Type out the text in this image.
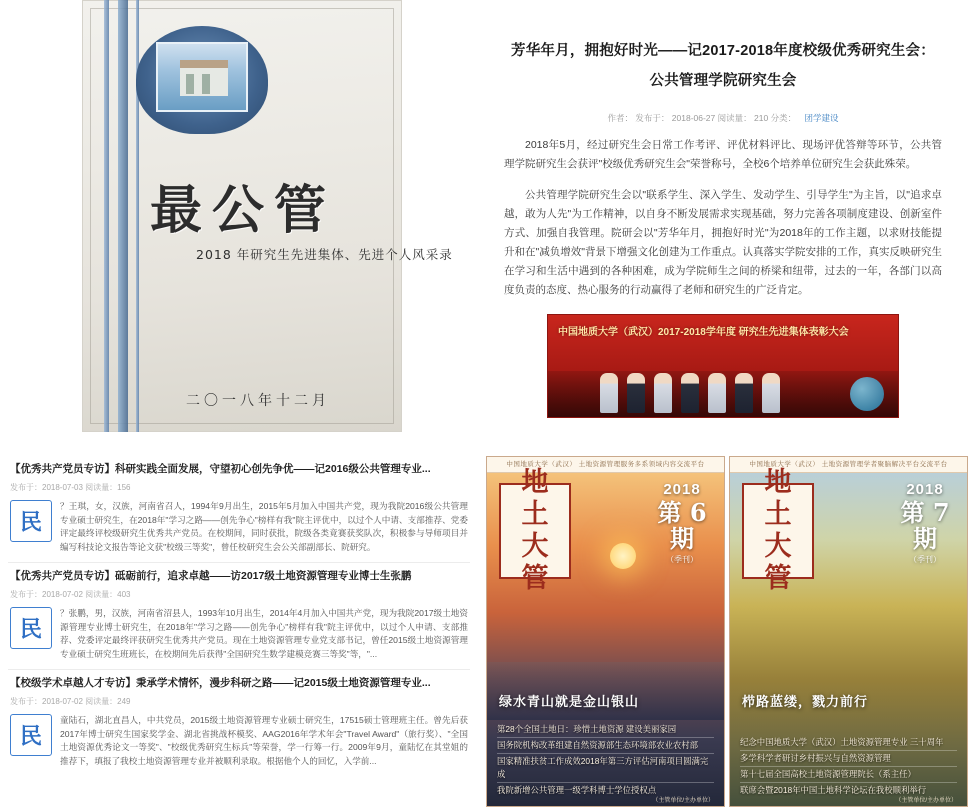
最公管
2018 年研究生先进集体、先进个人风采录
二〇一八年十二月
芳华年月，拥抱好时光——记2017-2018年度校级优秀研究生会：公共管理学院研究生会
作者： 发布于： 2018-06-27 阅读量： 210 分类： 团学建设

2018年5月，经过研究生会日常工作考评、评优材料评比、现场评优答辩等环节，公共管理学院研究生会获评"校级优秀研究生会"荣誉称号，全校6个培养单位研究生会获此殊荣。

公共管理学院研究生会以"联系学生、深入学生、发动学生、引导学生"为主旨，以"追求卓越，敢为人先"为工作精神，以自身不断发展需求实现基础，努力完善各项制度建设、创新室件方式、加强自我管理。院研会以"芳华年月，拥抱好时光"为2018年的工作主题，以求财技能提升和在"减负增效"背景下增强文化创建为工作重点。认真落实学院安排的工作，真实反映研究生在学习和生活中遇到的各种困难，成为学院师生之间的桥梁和纽带，过去的一年，各部门以高度负责的态度、热心服务的行动赢得了老师和研究生的广泛肯定。

中国地质大学（武汉）2017-2018学年度 研究生先进集体表彰大会
【优秀共产党员专访】科研实践全面发展，守望初心创先争优——记2016级公共管理专业...
发布于：2018-07-03 阅读量：156
民
？王琪，女，汉族，河南省召人，1994年9月出生，2015年5月加入中国共产党，现为我院2016级公共管理专业硕士研究生，在2018年"学习之路——创先争心"榜样有我"院主评优中，以过个人中请、支部推荐、党委评定最终评校级研究生优秀共产党员。在校期间，同时获批，院级各类竟赛获奖队次，积极参与导师项目并编写科技论文报告等论文获"校级三等奖"，曾任校研究生会公关部副部长、院研究。
【优秀共产党员专访】砥砺前行，追求卓越——访2017级土地资源管理专业博士生张鹏
发布于：2018-07-02 阅读量：403
民
？张鹏，男，汉族，河南省沼县人，1993年10月出生，2014年4月加入中国共产党，现为我院2017级土地资源管理专业博士研究生，在2018年"学习之路——创先争心"榜样有我"院主评优中，以过个人申请、支部推荐、党委评定最终评获研究生优秀共产党员。现在土地资源管理专业党支部书记，曾任2015级土地资源管理专业硕士研究生班班长，在校期间先后获得"全国研究生数学建模竞赛三等奖"等，"...
【校级学术卓越人才专访】秉承学术情怀，漫步科研之路——记2015级土地资源管理专业...
发布于：2018-07-02 阅读量：249
民
童陆石，湖北直昌人，中共党员，2015级土地资源管理专业硕士研究生，17515硕士管理班主任。曾先后获2017年博士研究生国家奖学金、湖北省挑战杯模奖、AAG2016年学术年会"Travel Award"（旅行奖）、"全国土地资源优秀论文一等奖"、"校级优秀研究生标兵"等荣誉，学一行筹一行。2009年9月，童陆忆在其堂姐的推荐下，填报了我校土地资源管理专业并被顺利录取。根据他个人的回忆，入学前...
中国地质大学（武汉） 土地资源管理服务多系领域内容交流平台
地
土
大
管
2018
第 6 期
（季刊）
绿水青山就是金山银山
第28个全国土地日：珍惜土地资源 建设美丽家园
国务院机构改革组建自然资源部生态环境部农业农村部
国家精准扶贫工作成效2018年第三方评估河南项目圆满完成
我院新增公共管理一级学科博士学位授权点
（主管单位/主办单位）
中国地质大学（武汉） 土地资源管理学者聚脑解决平台交流平台
地
土
大
管
2018
第 7 期
（季刊）
栉路蓝缕，戮力前行
纪念中国地质大学（武汉）土地资源管理专业 三十周年
多学科学者研讨乡村振兴与自然资源管理
第十七届全国高校土地资源管理院长（系主任）
联席会暨2018年中国土地科学论坛在我校顺利举行
（主管单位/主办单位）
